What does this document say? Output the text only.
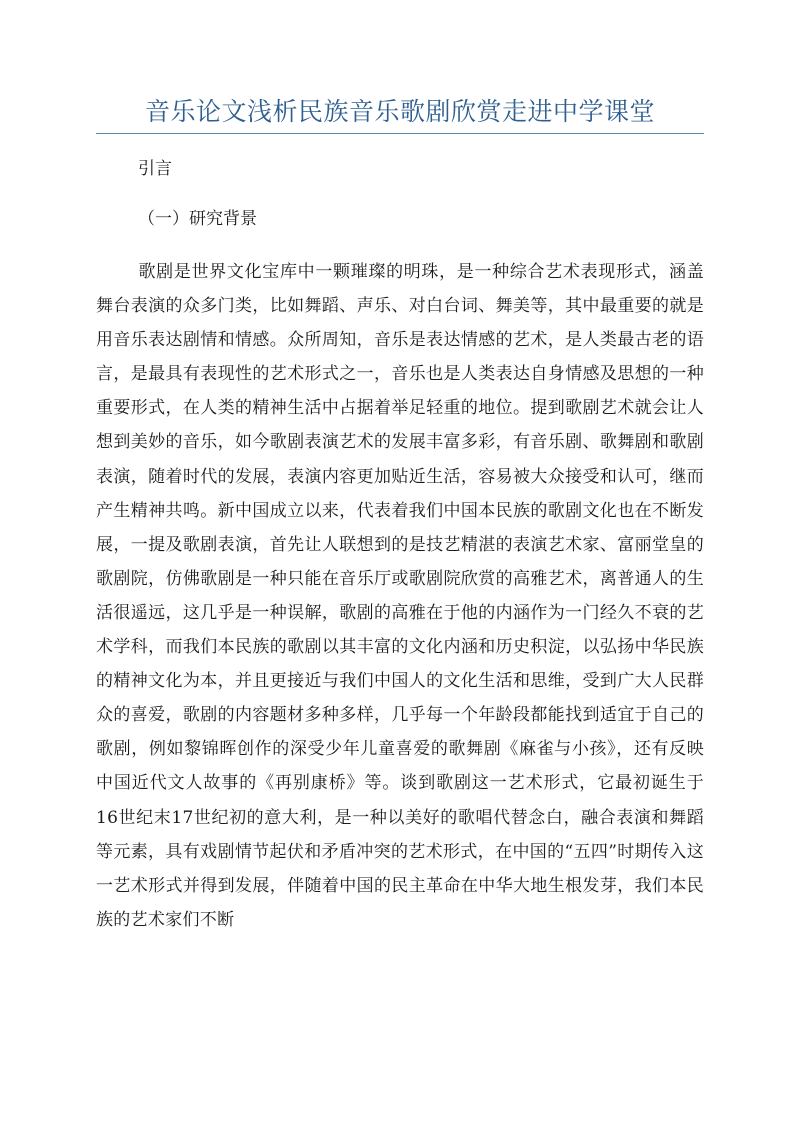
音乐论文浅析民族音乐歌剧欣赏走进中学课堂

引言

（一）研究背景

歌剧是世界文化宝库中一颗璀璨的明珠，是一种综合艺术表现形式，涵盖舞台表演的众多门类，比如舞蹈、声乐、对白台词、舞美等，其中最重要的就是用音乐表达剧情和情感。众所周知，音乐是表达情感的艺术，是人类最古老的语言，是最具有表现性的艺术形式之一，音乐也是人类表达自身情感及思想的一种重要形式，在人类的精神生活中占据着举足轻重的地位。提到歌剧艺术就会让人想到美妙的音乐，如今歌剧表演艺术的发展丰富多彩，有音乐剧、歌舞剧和歌剧表演，随着时代的发展，表演内容更加贴近生活，容易被大众接受和认可，继而产生精神共鸣。新中国成立以来，代表着我们中国本民族的歌剧文化也在不断发展，一提及歌剧表演，首先让人联想到的是技艺精湛的表演艺术家、富丽堂皇的歌剧院，仿佛歌剧是一种只能在音乐厅或歌剧院欣赏的高雅艺术，离普通人的生活很遥远，这几乎是一种误解，歌剧的高雅在于他的内涵作为一门经久不衰的艺术学科，而我们本民族的歌剧以其丰富的文化内涵和历史积淀，以弘扬中华民族的精神文化为本，并且更接近与我们中国人的文化生活和思维，受到广大人民群众的喜爱，歌剧的内容题材多种多样，几乎每一个年龄段都能找到适宜于自己的歌剧，例如黎锦晖创作的深受少年儿童喜爱的歌舞剧《麻雀与小孩》，还有反映中国近代文人故事的《再别康桥》等。谈到歌剧这一艺术形式，它最初诞生于16世纪末17世纪初的意大利，是一种以美好的歌唱代替念白，融合表演和舞蹈等元素，具有戏剧情节起伏和矛盾冲突的艺术形式，在中国的“五四”时期传入这一艺术形式并得到发展，伴随着中国的民主革命在中华大地生根发芽，我们本民族的艺术家们不断
